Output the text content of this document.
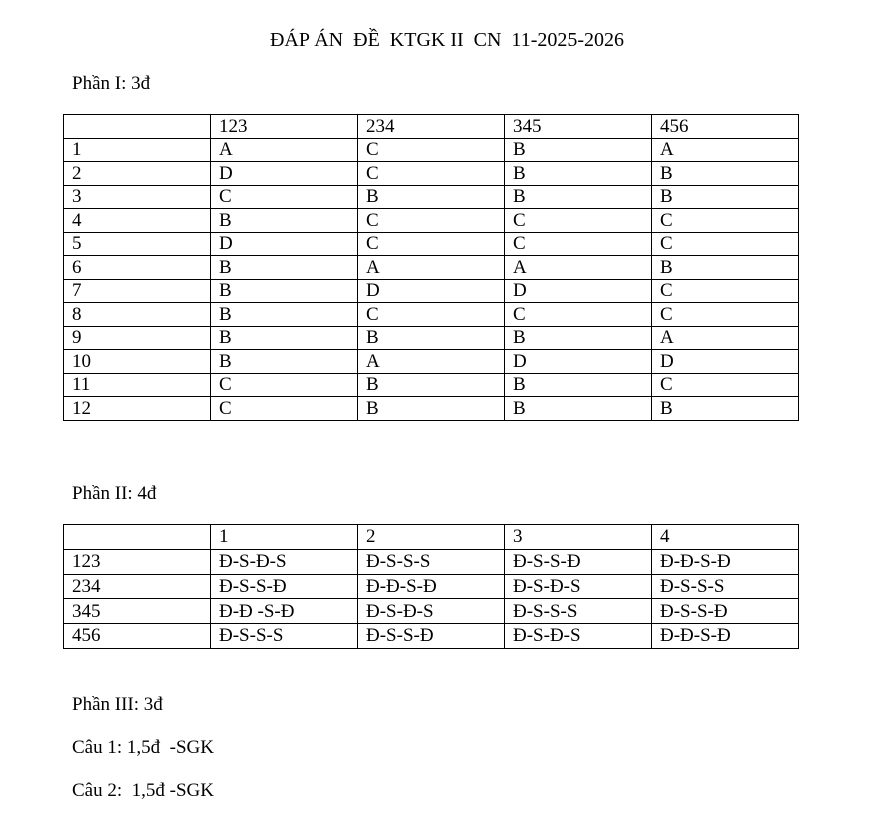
ĐÁP ÁN  ĐỀ  KTGK II  CN  11-2025-2026
Phần I: 3đ
	123	234	345	456
1	A	C	B	A
2	D	C	B	B
3	C	B	B	B
4	B	C	C	C
5	D	C	C	C
6	B	A	A	B
7	B	D	D	C
8	B	C	C	C
9	B	B	B	A
10	B	A	D	D
11	C	B	B	C
12	C	B	B	B
Phần II: 4đ
	1	2	3	4
123	Đ-S-Đ-S	Đ-S-S-S	Đ-S-S-Đ	Đ-Đ-S-Đ
234	Đ-S-S-Đ	Đ-Đ-S-Đ	Đ-S-Đ-S	Đ-S-S-S
345	Đ-Đ -S-Đ	Đ-S-Đ-S	Đ-S-S-S	Đ-S-S-Đ
456	Đ-S-S-S	Đ-S-S-Đ	Đ-S-Đ-S	Đ-Đ-S-Đ
Phần III: 3đ
Câu 1: 1,5đ  -SGK
Câu 2:  1,5đ -SGK
